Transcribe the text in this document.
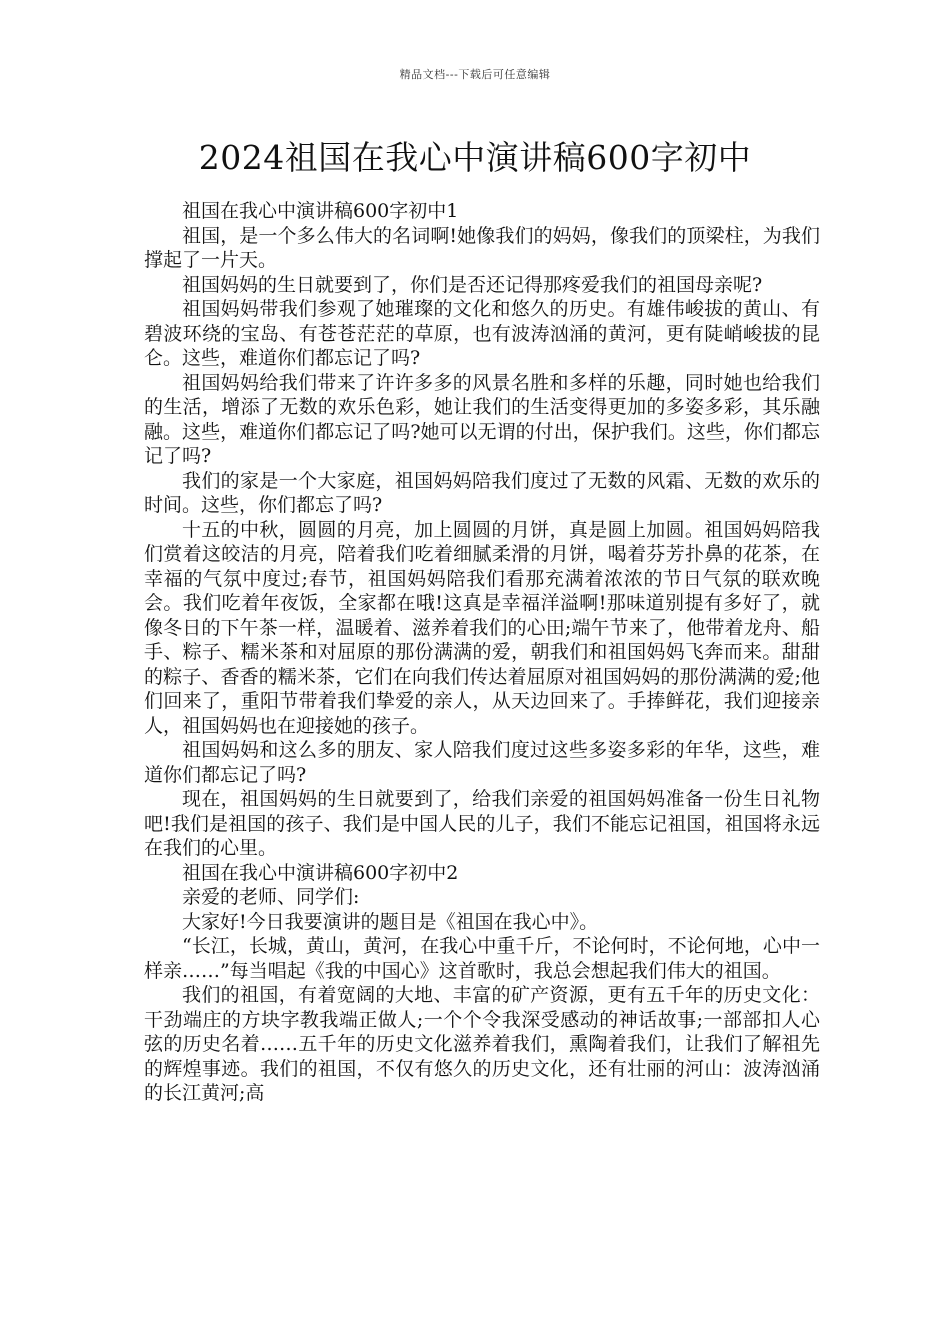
精品文档---下载后可任意编辑
2024祖国在我心中演讲稿600字初中

祖国在我心中演讲稿600字初中1

祖国，是一个多么伟大的名词啊!她像我们的妈妈，像我们的顶梁柱，为我们撑起了一片天。

祖国妈妈的生日就要到了，你们是否还记得那疼爱我们的祖国母亲呢?

祖国妈妈带我们参观了她璀璨的文化和悠久的历史。有雄伟峻拔的黄山、有碧波环绕的宝岛、有苍苍茫茫的草原，也有波涛汹涌的黄河，更有陡峭峻拔的昆仑。这些，难道你们都忘记了吗?

祖国妈妈给我们带来了许许多多的风景名胜和多样的乐趣，同时她也给我们的生活，增添了无数的欢乐色彩，她让我们的生活变得更加的多姿多彩，其乐融融。这些，难道你们都忘记了吗?她可以无谓的付出，保护我们。这些，你们都忘记了吗?

我们的家是一个大家庭，祖国妈妈陪我们度过了无数的风霜、无数的欢乐的时间。这些，你们都忘了吗?

十五的中秋，圆圆的月亮，加上圆圆的月饼，真是圆上加圆。祖国妈妈陪我们赏着这皎洁的月亮，陪着我们吃着细腻柔滑的月饼，喝着芬芳扑鼻的花茶，在幸福的气氛中度过;春节，祖国妈妈陪我们看那充满着浓浓的节日气氛的联欢晚会。我们吃着年夜饭，全家都在哦!这真是幸福洋溢啊!那味道别提有多好了，就像冬日的下午茶一样，温暖着、滋养着我们的心田;端午节来了，他带着龙舟、船手、粽子、糯米茶和对屈原的那份满满的爱，朝我们和祖国妈妈飞奔而来。甜甜的粽子、香香的糯米茶，它们在向我们传达着屈原对祖国妈妈的那份满满的爱;他们回来了，重阳节带着我们挚爱的亲人，从天边回来了。手捧鲜花，我们迎接亲人，祖国妈妈也在迎接她的孩子。

祖国妈妈和这么多的朋友、家人陪我们度过这些多姿多彩的年华，这些，难道你们都忘记了吗?

现在，祖国妈妈的生日就要到了，给我们亲爱的祖国妈妈准备一份生日礼物吧!我们是祖国的孩子、我们是中国人民的儿子，我们不能忘记祖国，祖国将永远在我们的心里。

祖国在我心中演讲稿600字初中2

亲爱的老师、同学们:

大家好!今日我要演讲的题目是《祖国在我心中》。

“长江，长城，黄山，黄河，在我心中重千斤，不论何时，不论何地，心中一样亲……”每当唱起《我的中国心》这首歌时，我总会想起我们伟大的祖国。

我们的祖国，有着宽阔的大地、丰富的矿产资源，更有五千年的历史文化：干劲端庄的方块字教我端正做人;一个个令我深受感动的神话故事;一部部扣人心弦的历史名着……五千年的历史文化滋养着我们，熏陶着我们，让我们了解祖先的辉煌事迹。我们的祖国，不仅有悠久的历史文化，还有壮丽的河山：波涛汹涌的长江黄河;高
